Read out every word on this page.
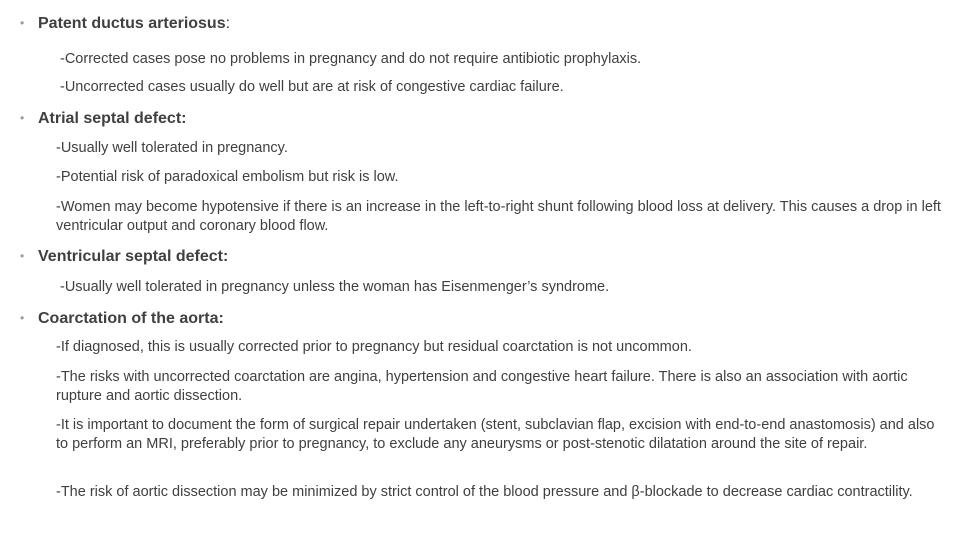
• Patent ductus arteriosus:
-Corrected cases pose no problems in pregnancy and do not require antibiotic prophylaxis.
-Uncorrected cases usually do well but are at risk of congestive cardiac failure.
• Atrial septal defect:
-Usually well tolerated in pregnancy.
-Potential risk of paradoxical embolism but risk is low.
-Women may become hypotensive if there is an increase in the left-to-right shunt following blood loss at delivery. This causes a drop in left ventricular output and coronary blood flow.
• Ventricular septal defect:
-Usually well tolerated in pregnancy unless the woman has Eisenmenger’s syndrome.
• Coarctation of the aorta:
-If diagnosed, this is usually corrected prior to pregnancy but residual coarctation is not uncommon.
-The risks with uncorrected coarctation are angina, hypertension and congestive heart failure. There is also an association with aortic rupture and aortic dissection.
-It is important to document the form of surgical repair undertaken (stent, subclavian flap, excision with end-to-end anastomosis) and also to perform an MRI, preferably prior to pregnancy, to exclude any aneurysms or post-stenotic dilatation around the site of repair.
-The risk of aortic dissection may be minimized by strict control of the blood pressure and β-blockade to decrease cardiac contractility.
